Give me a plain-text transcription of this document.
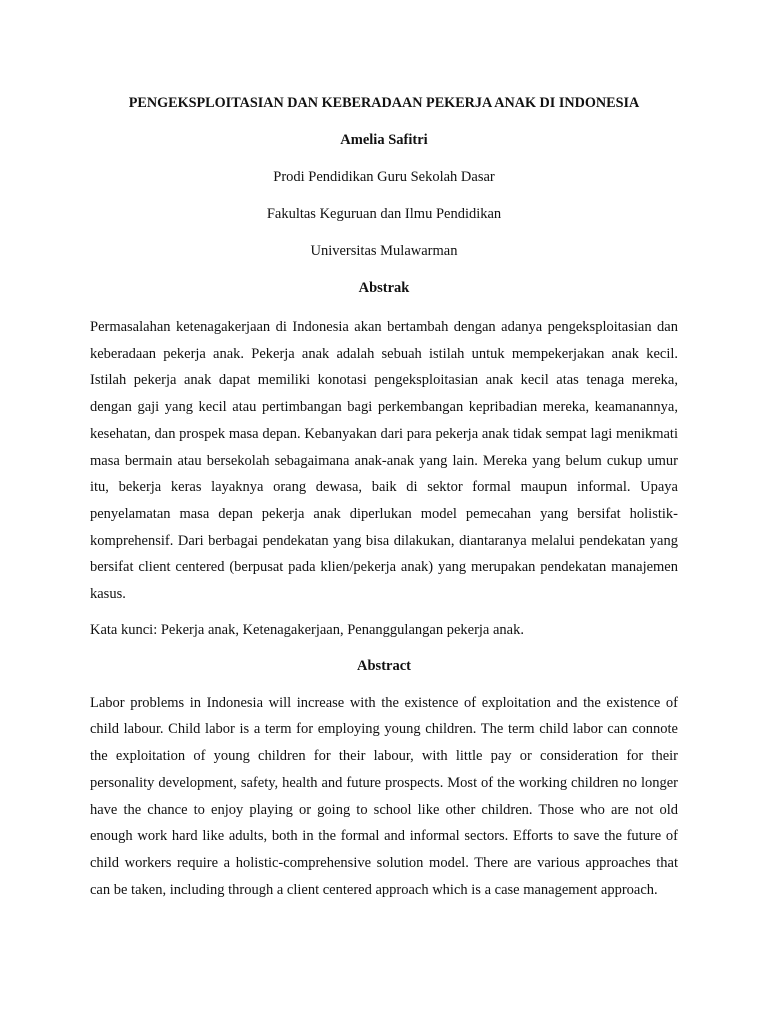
PENGEKSPLOITASIAN DAN KEBERADAAN PEKERJA ANAK DI INDONESIA
Amelia Safitri
Prodi Pendidikan Guru Sekolah Dasar
Fakultas Keguruan dan Ilmu Pendidikan
Universitas Mulawarman
Abstrak

Permasalahan ketenagakerjaan di Indonesia akan bertambah dengan adanya pengeksploitasian dan keberadaan pekerja anak. Pekerja anak adalah sebuah istilah untuk mempekerjakan anak kecil. Istilah pekerja anak dapat memiliki konotasi pengeksploitasian anak kecil atas tenaga mereka, dengan gaji yang kecil atau pertimbangan bagi perkembangan kepribadian mereka, keamanannya, kesehatan, dan prospek masa depan. Kebanyakan dari para pekerja anak tidak sempat lagi menikmati masa bermain atau bersekolah sebagaimana anak-anak yang lain. Mereka yang belum cukup umur itu, bekerja keras layaknya orang dewasa, baik di sektor formal maupun informal. Upaya penyelamatan masa depan pekerja anak diperlukan model pemecahan yang bersifat holistik-komprehensif. Dari berbagai pendekatan yang bisa dilakukan, diantaranya melalui pendekatan yang bersifat client centered (berpusat pada klien/pekerja anak) yang merupakan pendekatan manajemen kasus.

Kata kunci: Pekerja anak, Ketenagakerjaan, Penanggulangan pekerja anak.

Abstract

Labor problems in Indonesia will increase with the existence of exploitation and the existence of child labour. Child labor is a term for employing young children. The term child labor can connote the exploitation of young children for their labour, with little pay or consideration for their personality development, safety, health and future prospects. Most of the working children no longer have the chance to enjoy playing or going to school like other children. Those who are not old enough work hard like adults, both in the formal and informal sectors. Efforts to save the future of child workers require a holistic-comprehensive solution model. There are various approaches that can be taken, including through a client centered approach which is a case management approach.
